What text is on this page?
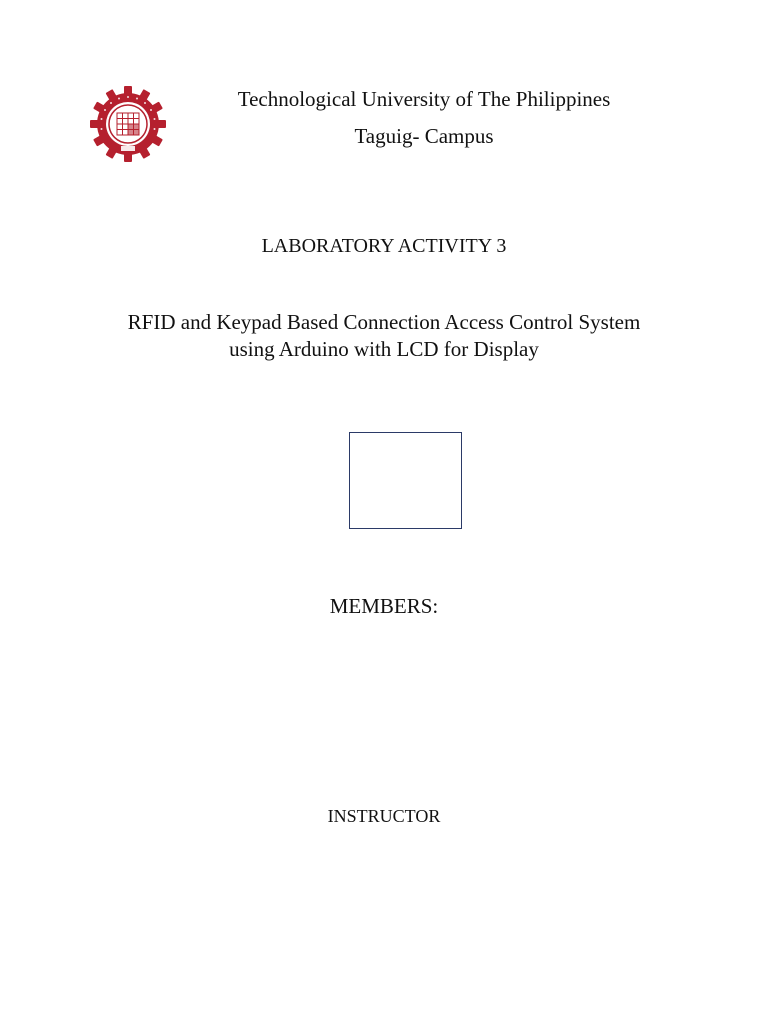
Technological University of The Philippines
Taguig- Campus
LABORATORY ACTIVITY 3
RFID and Keypad Based Connection Access Control System
using Arduino with LCD for Display
MEMBERS:
INSTRUCTOR
